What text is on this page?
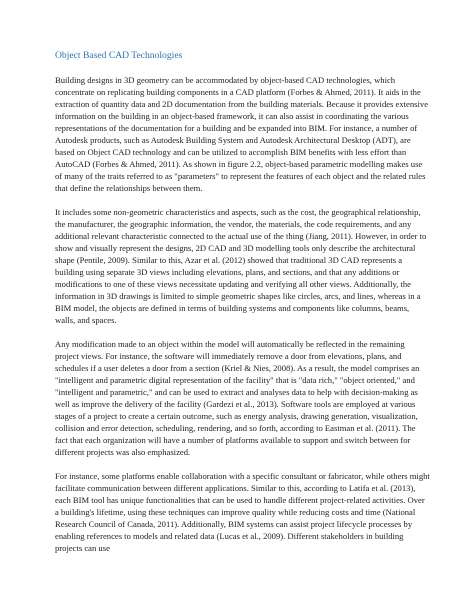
Object Based CAD Technologies

Building designs in 3D geometry can be accommodated by object-based CAD technologies, which concentrate on replicating building components in a CAD platform (Forbes & Ahmed, 2011). It aids in the extraction of quantity data and 2D documentation from the building materials. Because it provides extensive information on the building in an object-based framework, it can also assist in coordinating the various representations of the documentation for a building and be expanded into BIM. For instance, a number of Autodesk products, such as Autodesk Building System and Autodesk Architectural Desktop (ADT), are based on Object CAD technology and can be utilized to accomplish BIM benefits with less effort than AutoCAD (Forbes & Ahmed, 2011). As shown in figure 2.2, object-based parametric modelling makes use of many of the traits referred to as "parameters" to represent the features of each object and the related rules that define the relationships between them.

It includes some non-geometric characteristics and aspects, such as the cost, the geographical relationship, the manufacturer, the geographic information, the vendor, the materials, the code requirements, and any additional relevant characteristic connected to the actual use of the thing (Jiang, 2011). However, in order to show and visually represent the designs, 2D CAD and 3D modelling tools only describe the architectural shape (Pentile, 2009). Similar to this, Azar et al. (2012) showed that traditional 3D CAD represents a building using separate 3D views including elevations, plans, and sections, and that any additions or modifications to one of these views necessitate updating and verifying all other views. Additionally, the information in 3D drawings is limited to simple geometric shapes like circles, arcs, and lines, whereas in a BIM model, the objects are defined in terms of building systems and components like columns, beams, walls, and spaces.

Any modification made to an object within the model will automatically be reflected in the remaining project views. For instance, the software will immediately remove a door from elevations, plans, and schedules if a user deletes a door from a section (Kriel & Nies, 2008). As a result, the model comprises an "intelligent and parametric digital representation of the facility" that is "data rich," "object oriented," and "intelligent and parametric," and can be used to extract and analyses data to help with decision-making as well as improve the delivery of the facility (Gardezi et al., 2013). Software tools are employed at various stages of a project to create a certain outcome, such as energy analysis, drawing generation, visualization, collision and error detection, scheduling, rendering, and so forth, according to Eastman et al. (2011). The fact that each organization will have a number of platforms available to support and switch between for different projects was also emphasized.

For instance, some platforms enable collaboration with a specific consultant or fabricator, while others might facilitate communication between different applications. Similar to this, according to Latifa et al. (2013), each BIM tool has unique functionalities that can be used to handle different project-related activities. Over a building's lifetime, using these techniques can improve quality while reducing costs and time (National Research Council of Canada, 2011). Additionally, BIM systems can assist project lifecycle processes by enabling references to models and related data (Lucas et al., 2009). Different stakeholders in building projects can use
